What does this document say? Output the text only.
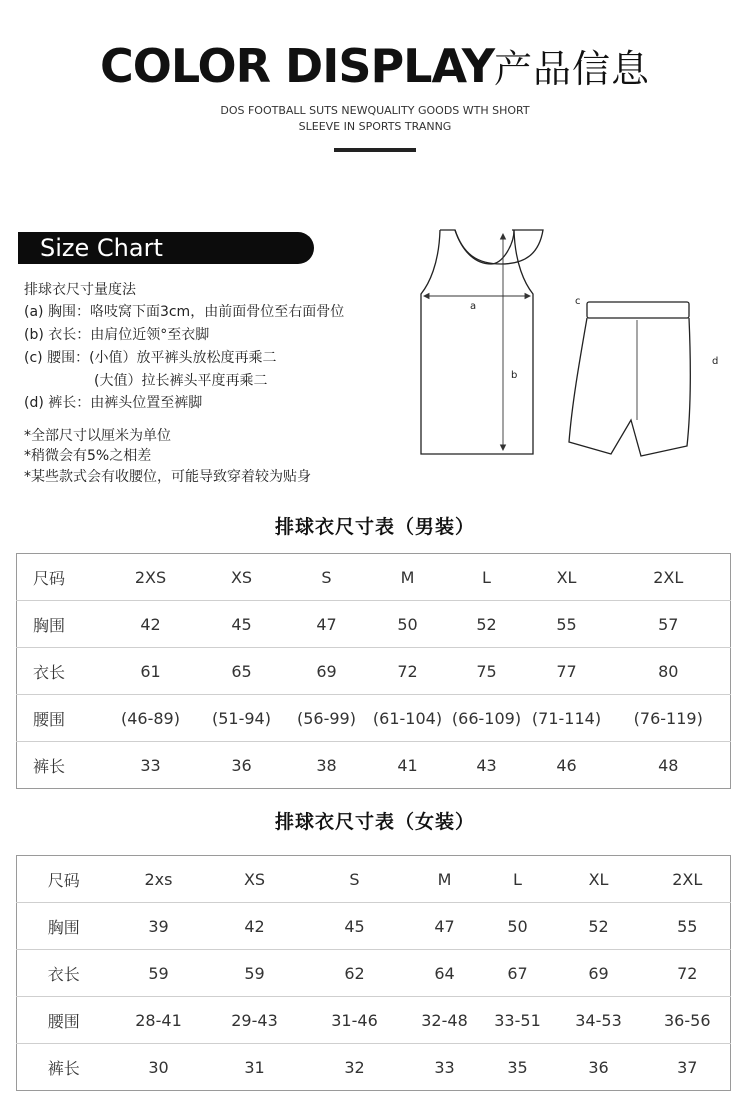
COLOR DISPLAY产品信息
DOS FOOTBALL SUTS NEWQUALITY GOODS WTH SHORT
SLEEVE IN SPORTS TRANNG
Size Chart
排球衣尺寸量度法
(a) 胸围：咯吱窝下面3cm，由前面骨位至右面骨位
(b) 衣长：由肩位近领°至衣脚
(c) 腰围：(小值）放平裤头放松度再乘二
(大值）拉长裤头平度再乘二
(d) 裤长：由裤头位置至裤脚
*全部尺寸以厘米为单位
*稍微会有5%之相差
*某些款式会有收腰位，可能导致穿着较为贴身
a
b
c
d
排球衣尺寸表（男装）
尺码	2XS	XS	S	M	L	XL	2XL
胸围	42	45	47	50	52	55	57
衣长	61	65	69	72	75	77	80
腰围	(46-89)	(51-94)	(56-99)	(61-104)	(66-109)	(71-114)	(76-119)
裤长	33	36	38	41	43	46	48
排球衣尺寸表（女装）
尺码	2xs	XS	S	M	L	XL	2XL
胸围	39	42	45	47	50	52	55
衣长	59	59	62	64	67	69	72
腰围	28-41	29-43	31-46	32-48	33-51	34-53	36-56
裤长	30	31	32	33	35	36	37
